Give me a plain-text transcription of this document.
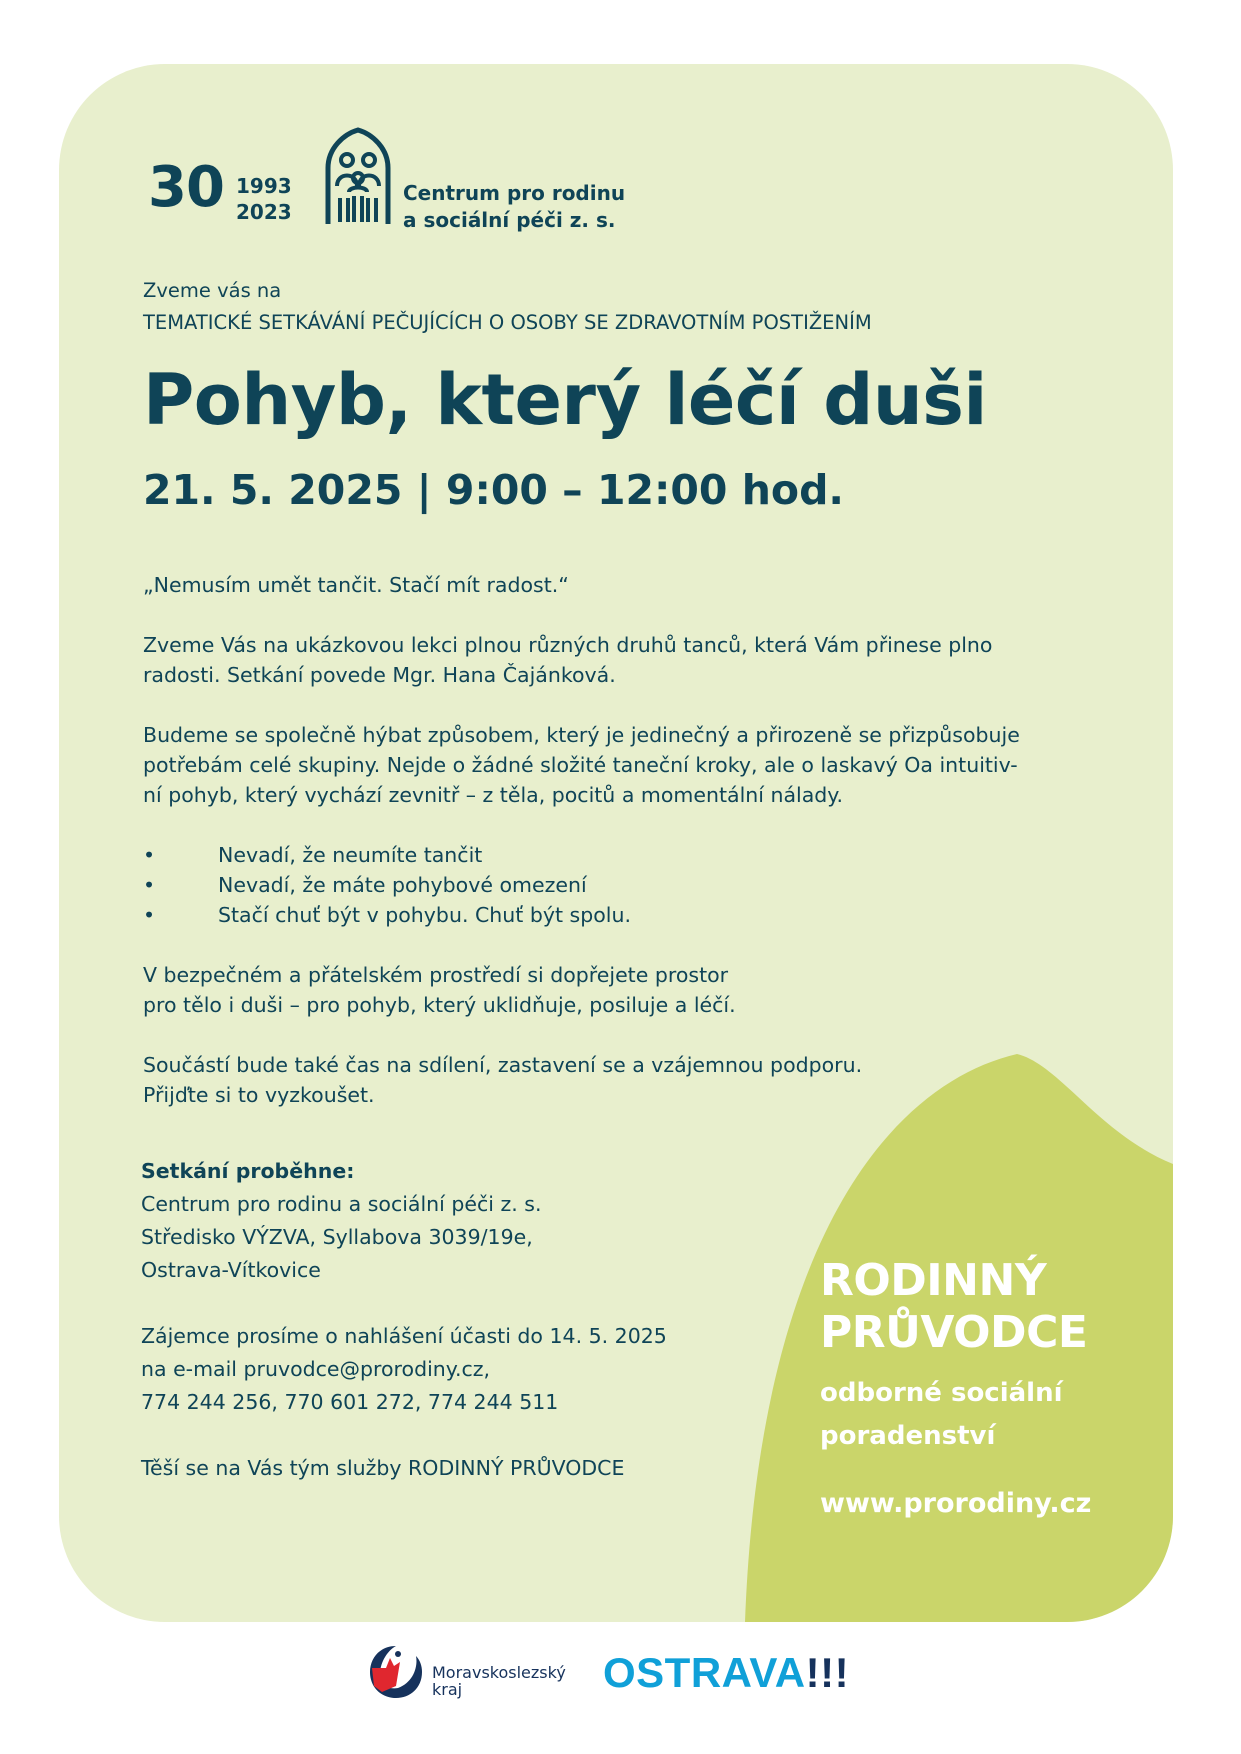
30 1993
2023
Centrum pro rodinu
a sociální péči z. s.
Zveme vás na
TEMATICKÉ SETKÁVÁNÍ PEČUJÍCÍCH O OSOBY SE ZDRAVOTNÍM POSTIŽENÍM
Pohyb, který léčí duši
21. 5. 2025 | 9:00 – 12:00 hod.

„Nemusím umět tančit. Stačí mít radost.“

Zveme Vás na ukázkovou lekci plnou různých druhů tanců, která Vám přinese plno
radosti. Setkání povede Mgr. Hana Čajánková.

Budeme se společně hýbat způsobem, který je jedinečný a přirozeně se přizpůsobuje
potřebám celé skupiny. Nejde o žádné složité taneční kroky, ale o laskavý Oa intuitiv-
ní pohyb, který vychází zevnitř – z těla, pocitů a momentální nálady.

•	Nevadí, že neumíte tančit
•	Nevadí, že máte pohybové omezení
•	Stačí chuť být v pohybu. Chuť být spolu.

V bezpečném a přátelském prostředí si dopřejete prostor
pro tělo i duši – pro pohyb, který uklidňuje, posiluje a léčí.

Součástí bude také čas na sdílení, zastavení se a vzájemnou podporu.
Přijďte si to vyzkoušet.

Setkání proběhne:

Centrum pro rodinu a sociální péči z. s.

Středisko VÝZVA, Syllabova 3039/19e,

Ostrava-Vítkovice

Zájemce prosíme o nahlášení účasti do 14. 5. 2025

na e-mail pruvodce@prorodiny.cz,

774 244 256, 770 601 272, 774 244 511

Těší se na Vás tým služby RODINNÝ PRŮVODCE

RODINNÝ
PRŮVODCE
odborné sociální
poradenství
www.prorodiny.cz
Moravskoslezský
kraj	OSTRAVA!!!
